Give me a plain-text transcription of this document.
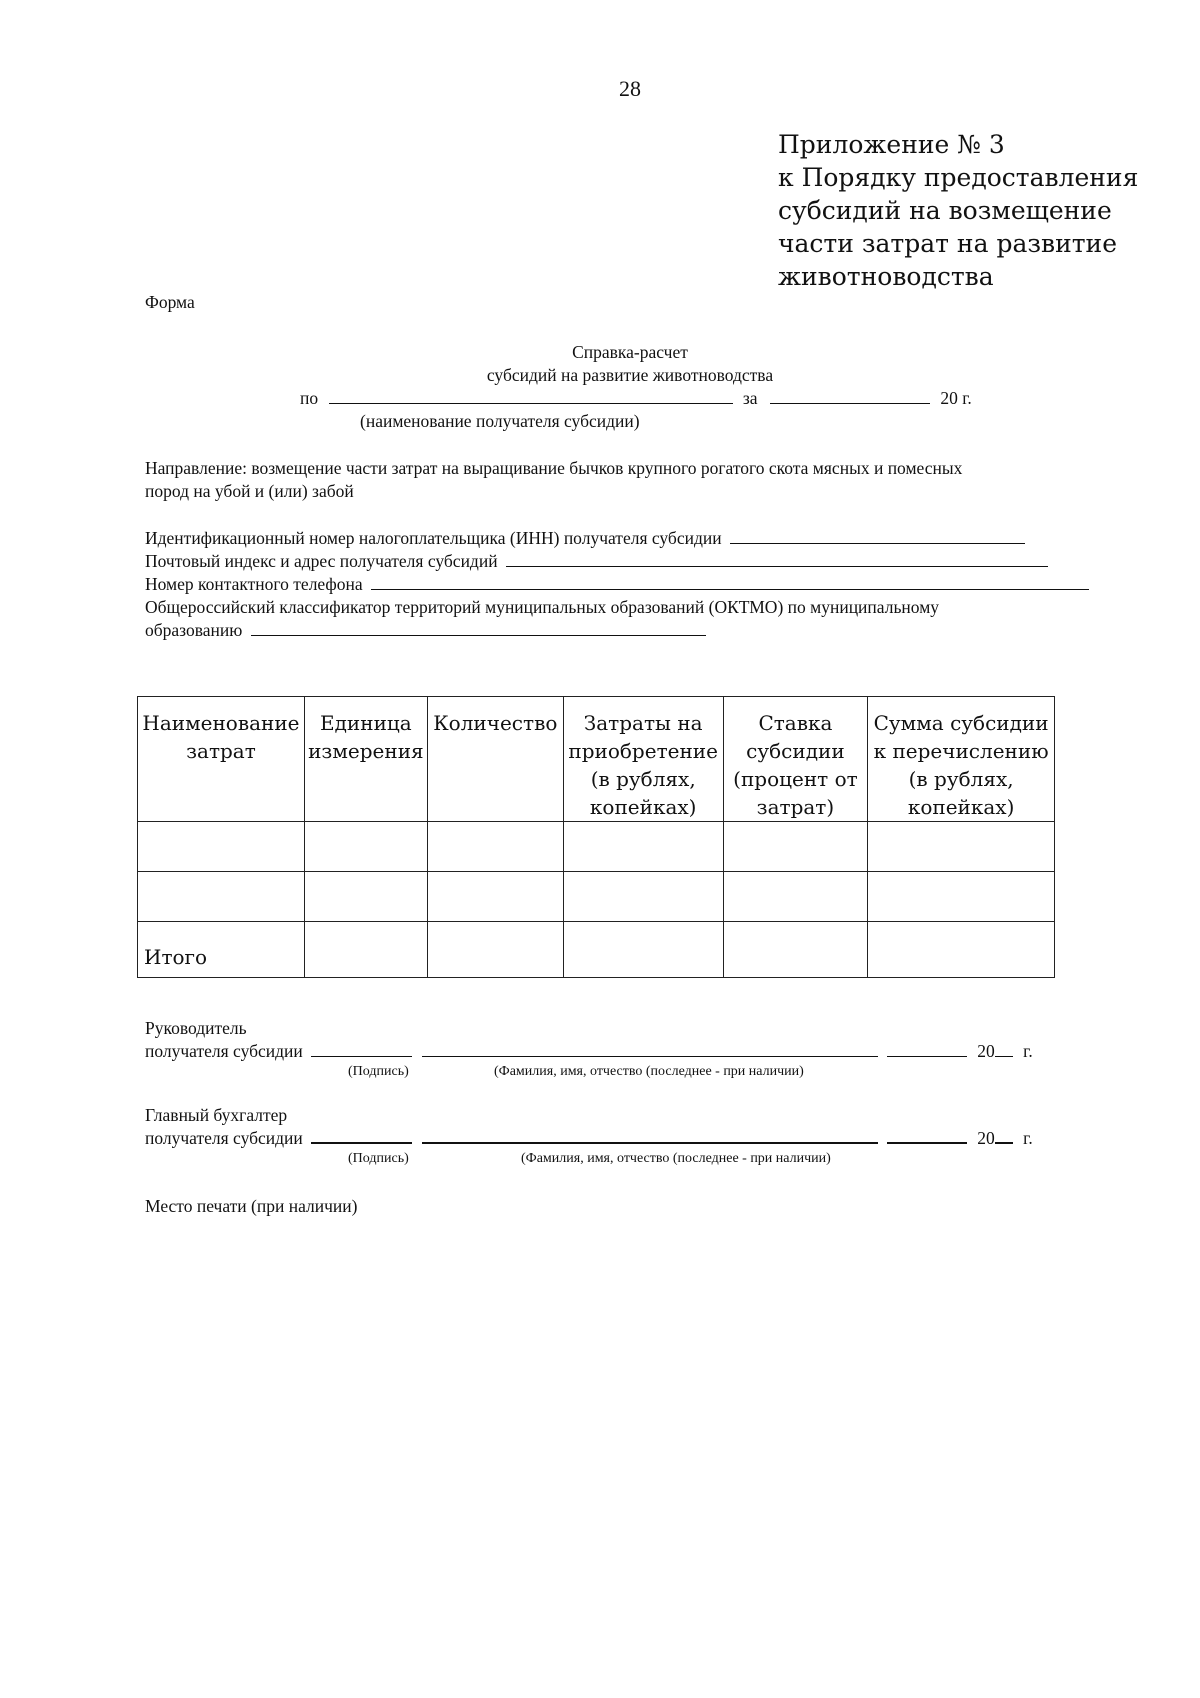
28
Приложение № 3
к Порядку предоставления
субсидий на возмещение
части затрат на развитие
животноводства
Форма
Справка-расчет
субсидий на развитие животноводства
по	за	20 г.
(наименование получателя субсидии)
Направление: возмещение части затрат на выращивание бычков крупного рогатого скота мясных и помесных
пород на убой и (или) забой
Идентификационный номер налогоплательщика (ИНН) получателя субсидии
Почтовый индекс и адрес получателя субсидий
Номер контактного телефона
Общероссийский классификатор территорий муниципальных образований (ОКТМО) по муниципальному
образованию
Наименование затрат	Единица измерения	Количество	Затраты на приобретение (в рублях, копейках)	Ставка субсидии (процент от затрат)	Сумма субсидии к перечислению (в рублях, копейках)

Итого					
Руководитель
получателя субсидии	20 г.
(Подпись)	(Фамилия, имя, отчество (последнее - при наличии)
Главный бухгалтер
получателя субсидии	20 г.
(Подпись)	(Фамилия, имя, отчество (последнее - при наличии)
Место печати (при наличии)
